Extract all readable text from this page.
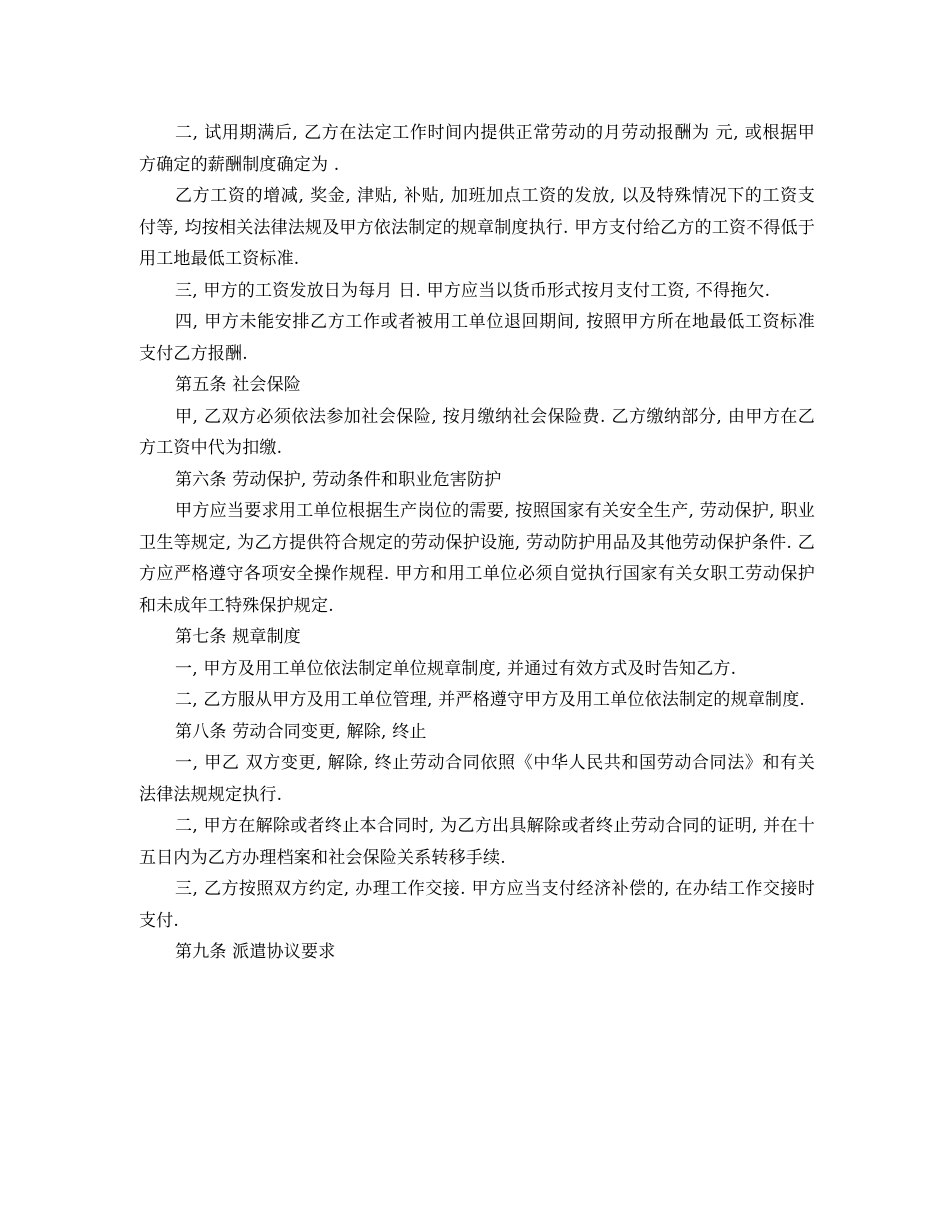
二, 试用期满后, 乙方在法定工作时间内提供正常劳动的月劳动报酬为 元, 或根据甲方确定的薪酬制度确定为 .

乙方工资的增减, 奖金, 津贴, 补贴, 加班加点工资的发放, 以及特殊情况下的工资支付等, 均按相关法律法规及甲方依法制定的规章制度执行. 甲方支付给乙方的工资不得低于用工地最低工资标准.

三, 甲方的工资发放日为每月 日. 甲方应当以货币形式按月支付工资, 不得拖欠.

四, 甲方未能安排乙方工作或者被用工单位退回期间, 按照甲方所在地最低工资标准支付乙方报酬.

第五条 社会保险

甲, 乙双方必须依法参加社会保险, 按月缴纳社会保险费. 乙方缴纳部分, 由甲方在乙方工资中代为扣缴.

第六条 劳动保护, 劳动条件和职业危害防护

甲方应当要求用工单位根据生产岗位的需要, 按照国家有关安全生产, 劳动保护, 职业卫生等规定, 为乙方提供符合规定的劳动保护设施, 劳动防护用品及其他劳动保护条件. 乙方应严格遵守各项安全操作规程. 甲方和用工单位必须自觉执行国家有关女职工劳动保护和未成年工特殊保护规定.

第七条 规章制度

一, 甲方及用工单位依法制定单位规章制度, 并通过有效方式及时告知乙方.

二, 乙方服从甲方及用工单位管理, 并严格遵守甲方及用工单位依法制定的规章制度.

第八条 劳动合同变更, 解除, 终止

一, 甲乙 双方变更, 解除, 终止劳动合同依照《中华人民共和国劳动合同法》和有关法律法规规定执行.

二, 甲方在解除或者终止本合同时, 为乙方出具解除或者终止劳动合同的证明, 并在十五日内为乙方办理档案和社会保险关系转移手续.

三, 乙方按照双方约定, 办理工作交接. 甲方应当支付经济补偿的, 在办结工作交接时支付.

第九条 派遣协议要求
